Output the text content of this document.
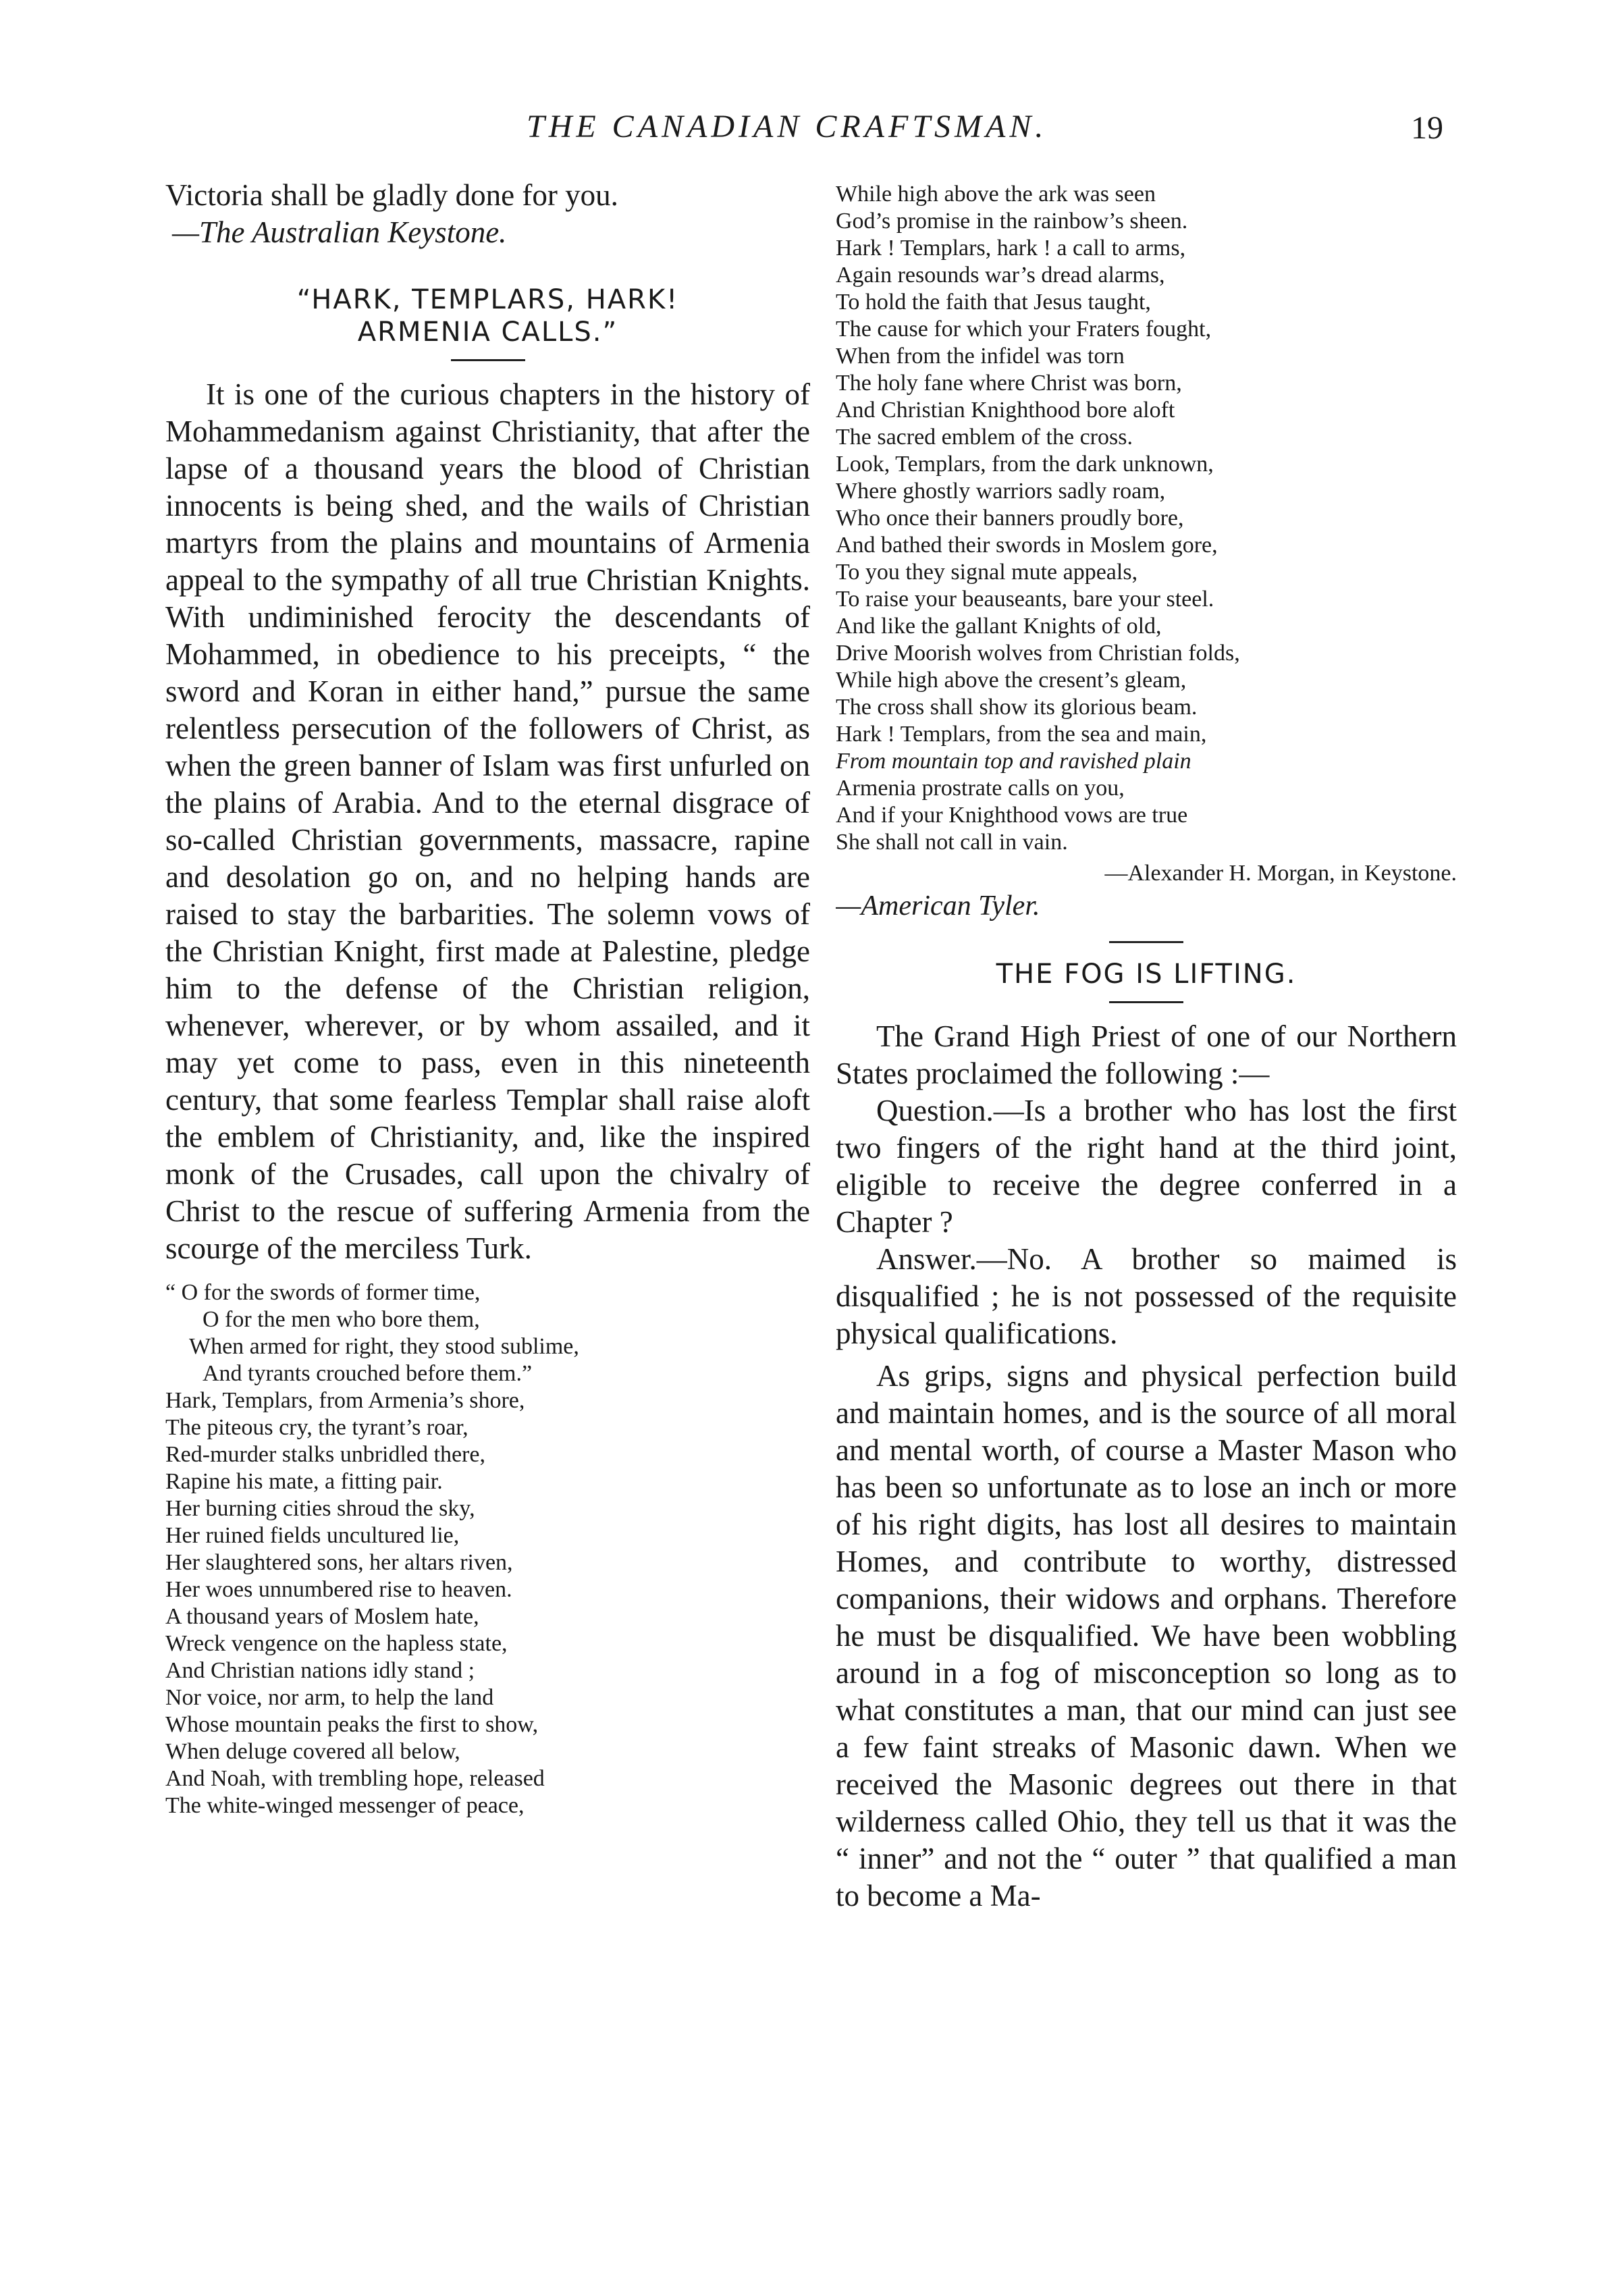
THE CANADIAN CRAFTSMAN.	19

Victoria shall be gladly done for you.

—The Australian Keystone.

“HARK, TEMPLARS, HARK!

ARMENIA CALLS.”

It is one of the curious chapters in the history of Mohammedanism against Christianity, that after the lapse of a thousand years the blood of Christian innocents is being shed, and the wails of Christian martyrs from the plains and mountains of Armenia appeal to the sympathy of all true Christian Knights. With undiminished ferocity the descendants of Mohammed, in obedience to his preceipts, “ the sword and Koran in either hand,” pursue the same relentless persecution of the followers of Christ, as when the green banner of Islam was first unfurled on the plains of Arabia. And to the eternal disgrace of so-called Christian governments, massacre, rapine and desolation go on, and no helping hands are raised to stay the barbarities. The solemn vows of the Christian Knight, first made at Palestine, pledge him to the defense of the Christian religion, whenever, wherever, or by whom assailed, and it may yet come to pass, even in this nineteenth century, that some fearless Templar shall raise aloft the emblem of Christianity, and, like the inspired monk of the Crusades, call upon the chivalry of Christ to the rescue of suffering Armenia from the scourge of the merciless Turk.

“ O for the swords of former time,

O for the men who bore them,

When armed for right, they stood sublime,

And tyrants crouched before them.”

Hark, Templars, from Armenia’s shore,

The piteous cry, the tyrant’s roar,

Red-murder stalks unbridled there,

Rapine his mate, a fitting pair.

Her burning cities shroud the sky,

Her ruined fields uncultured lie,

Her slaughtered sons, her altars riven,

Her woes unnumbered rise to heaven.

A thousand years of Moslem hate,

Wreck vengence on the hapless state,

And Christian nations idly stand ;

Nor voice, nor arm, to help the land

Whose mountain peaks the first to show,

When deluge covered all below,

And Noah, with trembling hope, released

The white-winged messenger of peace,

While high above the ark was seen

God’s promise in the rainbow’s sheen.

Hark ! Templars, hark ! a call to arms,

Again resounds war’s dread alarms,

To hold the faith that Jesus taught,

The cause for which your Fraters fought,

When from the infidel was torn

The holy fane where Christ was born,

And Christian Knighthood bore aloft

The sacred emblem of the cross.

Look, Templars, from the dark unknown,

Where ghostly warriors sadly roam,

Who once their banners proudly bore,

And bathed their swords in Moslem gore,

To you they signal mute appeals,

To raise your beauseants, bare your steel.

And like the gallant Knights of old,

Drive Moorish wolves from Christian folds,

While high above the cresent’s gleam,

The cross shall show its glorious beam.

Hark ! Templars, from the sea and main,

From mountain top and ravished plain

Armenia prostrate calls on you,

And if your Knighthood vows are true

She shall not call in vain.

—Alexander H. Morgan, in Keystone.

—American Tyler.

THE FOG IS LIFTING.

The Grand High Priest of one of our Northern States proclaimed the following :—

Question.—Is a brother who has lost the first two fingers of the right hand at the third joint, eligible to receive the degree conferred in a Chapter ?

Answer.—No. A brother so maimed is disqualified ; he is not possessed of the requisite physical qualifications.

As grips, signs and physical perfection build and maintain homes, and is the source of all moral and mental worth, of course a Master Mason who has been so unfortunate as to lose an inch or more of his right digits, has lost all desires to maintain Homes, and contribute to worthy, distressed companions, their widows and orphans. Therefore he must be disqualified. We have been wobbling around in a fog of misconception so long as to what constitutes a man, that our mind can just see a few faint streaks of Masonic dawn. When we received the Masonic degrees out there in that wilderness called Ohio, they tell us that it was the “ inner” and not the “ outer ” that qualified a man to become a Ma-
